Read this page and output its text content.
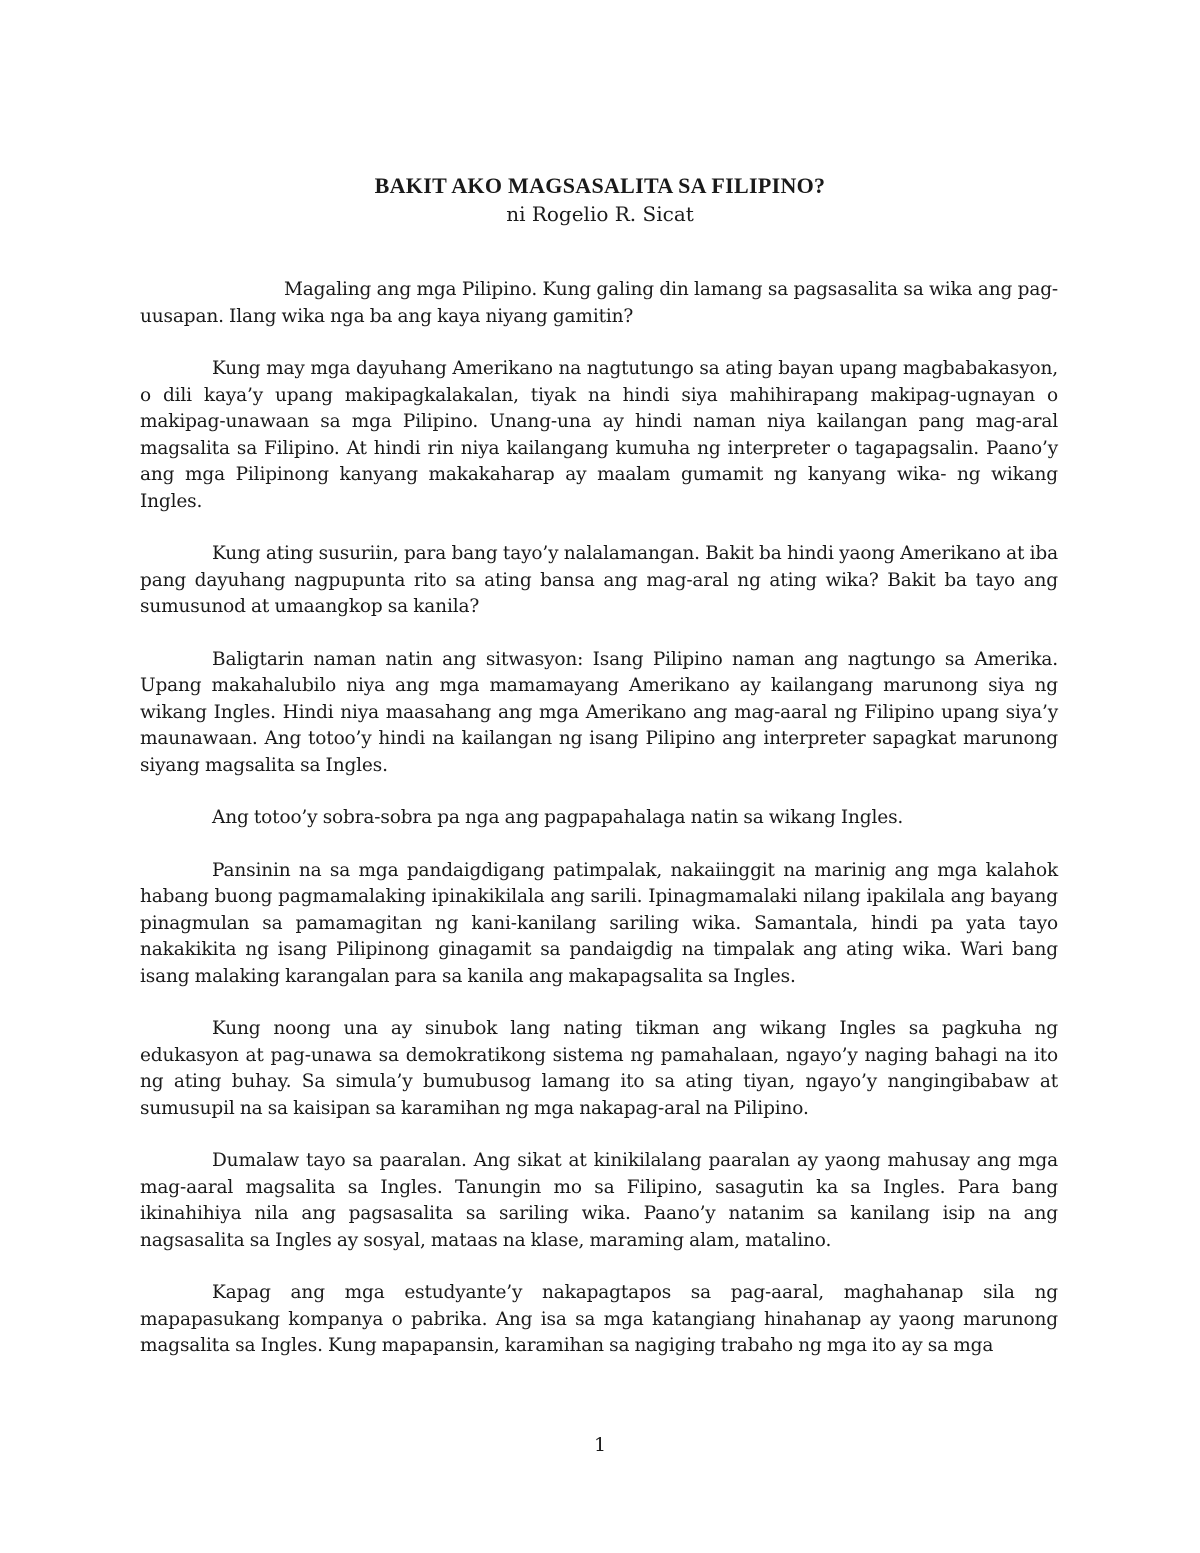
BAKIT AKO MAGSASALITA SA FILIPINO?
ni Rogelio R. Sicat

Magaling ang mga Pilipino. Kung galing din lamang sa pagsasalita sa wika ang pag-uusapan. Ilang wika nga ba ang kaya niyang gamitin?

Kung may mga dayuhang Amerikano na nagtutungo sa ating bayan upang magbabakasyon, o dili kaya’y upang makipagkalakalan, tiyak na hindi siya mahihirapang makipag-ugnayan o makipag-unawaan sa mga Pilipino. Unang-una ay hindi naman niya kailangan pang mag-aral magsalita sa Filipino. At hindi rin niya kailangang kumuha ng interpreter o tagapagsalin. Paano’y ang mga Pilipinong kanyang makakaharap ay maalam gumamit ng kanyang wika- ng wikang Ingles.

Kung ating susuriin, para bang tayo’y nalalamangan. Bakit ba hindi yaong Amerikano at iba pang dayuhang nagpupunta rito sa ating bansa ang mag-aral ng ating wika? Bakit ba tayo ang sumusunod at umaangkop sa kanila?

Baligtarin naman natin ang sitwasyon: Isang Pilipino naman ang nagtungo sa Amerika. Upang makahalubilo niya ang mga mamamayang Amerikano ay kailangang marunong siya ng wikang Ingles. Hindi niya maasahang ang mga Amerikano ang mag-aaral ng Filipino upang siya’y maunawaan. Ang totoo’y hindi na kailangan ng isang Pilipino ang interpreter sapagkat marunong siyang magsalita sa Ingles.

Ang totoo’y sobra-sobra pa nga ang pagpapahalaga natin sa wikang Ingles.

Pansinin na sa mga pandaigdigang patimpalak, nakaiinggit na marinig ang mga kalahok habang buong pagmamalaking ipinakikilala ang sarili. Ipinagmamalaki nilang ipakilala ang bayang pinagmulan sa pamamagitan ng kani-kanilang sariling wika. Samantala, hindi pa yata tayo nakakikita ng isang Pilipinong ginagamit sa pandaigdig na timpalak ang ating wika. Wari bang isang malaking karangalan para sa kanila ang makapagsalita sa Ingles.

Kung noong una ay sinubok lang nating tikman ang wikang Ingles sa pagkuha ng edukasyon at pag-unawa sa demokratikong sistema ng pamahalaan, ngayo’y naging bahagi na ito ng ating buhay. Sa simula’y bumubusog lamang ito sa ating tiyan, ngayo’y nangingibabaw at sumusupil na sa kaisipan sa karamihan ng mga nakapag-aral na Pilipino.

Dumalaw tayo sa paaralan. Ang sikat at kinikilalang paaralan ay yaong mahusay ang mga mag-aaral magsalita sa Ingles. Tanungin mo sa Filipino, sasagutin ka sa Ingles. Para bang ikinahihiya nila ang pagsasalita sa sariling wika. Paano’y natanim sa kanilang isip na ang nagsasalita sa Ingles ay sosyal, mataas na klase, maraming alam, matalino.

Kapag ang mga estudyante’y nakapagtapos sa pag-aaral, maghahanap sila ng mapapasukang kompanya o pabrika. Ang isa sa mga katangiang hinahanap ay yaong marunong magsalita sa Ingles. Kung mapapansin, karamihan sa nagiging trabaho ng mga ito ay sa mga

1
